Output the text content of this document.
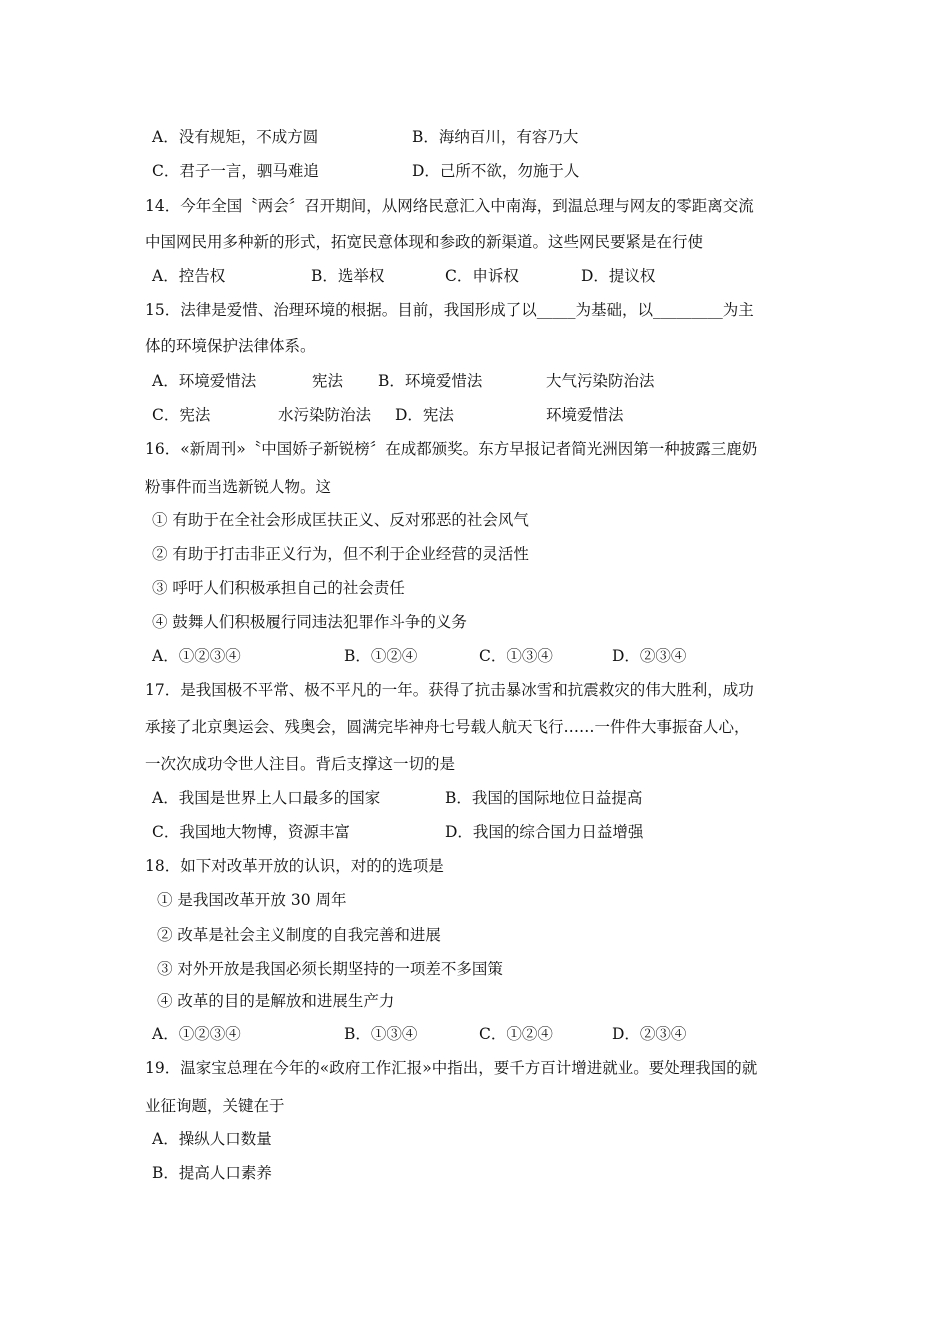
A．没有规矩，不成方圆	B．海纳百川，有容乃大
C．君子一言，驷马难追	D．己所不欲，勿施于人
14．今年全国〝两会〞召开期间，从网络民意汇入中南海，到温总理与网友的零距离交流
中国网民用多种新的形式，拓宽民意体现和参政的新渠道。这些网民要紧是在行使
A．控告权	B．选举权	C．申诉权	D．提议权
15．法律是爱惜、治理环境的根据。目前，我国形成了以_____为基础，以_________为主
体的环境保护法律体系。
A．环境爱惜法	宪法 B．环境爱惜法	大气污染防治法
C．宪法	水污染防治法 D．宪法	环境爱惜法
16．«新周刊»〝中国娇子新锐榜〞在成都颁奖。东方早报记者简光洲因第一种披露三鹿奶
粉事件而当选新锐人物。这
① 有助于在全社会形成匡扶正义、反对邪恶的社会风气
② 有助于打击非正义行为，但不利于企业经营的灵活性
③ 呼吁人们积极承担自己的社会责任
④ 鼓舞人们积极履行同违法犯罪作斗争的义务
A．①②③④	B．①②④	C．①③④	D．②③④
17．是我国极不平常、极不平凡的一年。获得了抗击暴冰雪和抗震救灾的伟大胜利，成功
承接了北京奥运会、残奥会，圆满完毕神舟七号载人航天飞行……一件件大事振奋人心，
一次次成功令世人注目。背后支撑这一切的是
A．我国是世界上人口最多的国家	B．我国的国际地位日益提高
C．我国地大物博，资源丰富	D．我国的综合国力日益增强
18．如下对改革开放的认识，对的的选项是
① 是我国改革开放 30 周年
② 改革是社会主义制度的自我完善和进展
③ 对外开放是我国必须长期坚持的一项差不多国策
④ 改革的目的是解放和进展生产力
A．①②③④	B．①③④	C．①②④	D．②③④
19．温家宝总理在今年的«政府工作汇报»中指出，要千方百计增进就业。要处理我国的就
业征询题，关键在于
A．操纵人口数量
B．提高人口素养
